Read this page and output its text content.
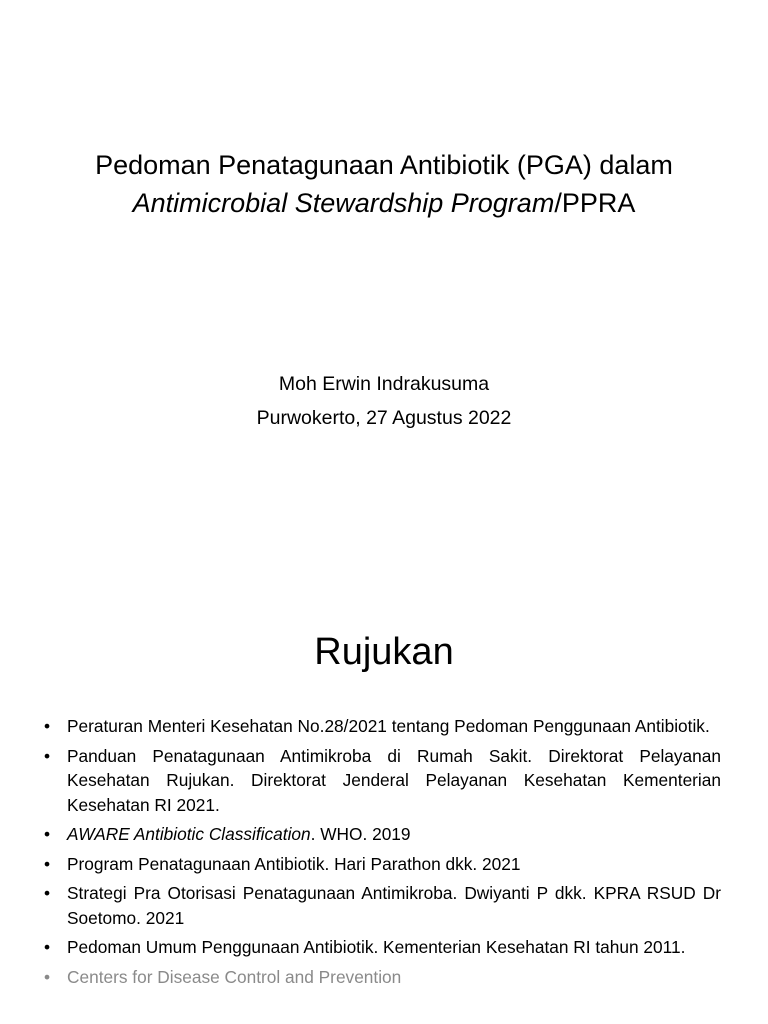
Pedoman Penatagunaan Antibiotik (PGA) dalam
Antimicrobial Stewardship Program/PPRA
Moh Erwin Indrakusuma
Purwokerto, 27 Agustus 2022
Rujukan
• Peraturan Menteri Kesehatan No.28/2021 tentang Pedoman Penggunaan Antibiotik.
• Panduan Penatagunaan Antimikroba di Rumah Sakit. Direktorat Pelayanan Kesehatan Rujukan. Direktorat Jenderal Pelayanan Kesehatan Kementerian Kesehatan RI 2021.
• AWARE Antibiotic Classification. WHO. 2019
• Program Penatagunaan Antibiotik. Hari Parathon dkk. 2021
• Strategi Pra Otorisasi Penatagunaan Antimikroba. Dwiyanti P dkk. KPRA RSUD Dr Soetomo. 2021
• Pedoman Umum Penggunaan Antibiotik. Kementerian Kesehatan RI tahun 2011.
• Centers for Disease Control and Prevention
